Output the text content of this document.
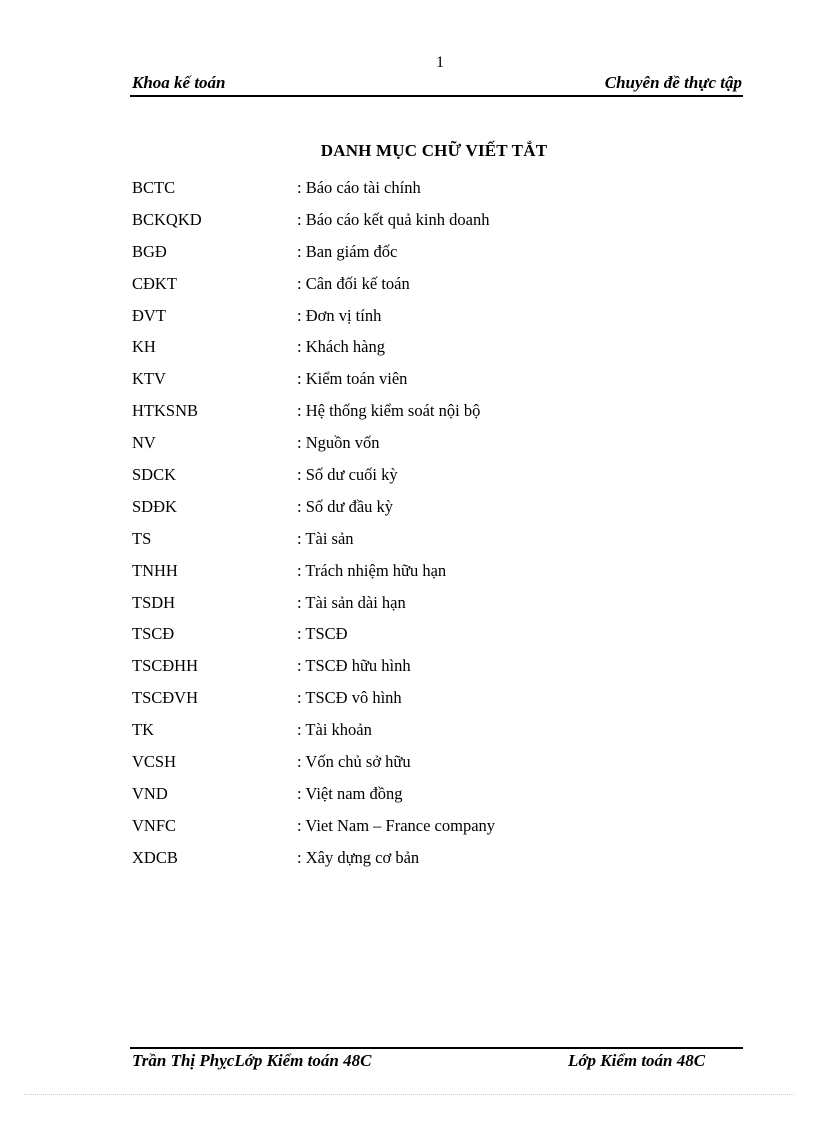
1
Khoa kế toán	Chuyên đề thực tập
DANH MỤC CHỮ VIẾT TẮT
BCTC	: Báo cáo tài chính
BCKQKD	: Báo cáo kết quả kinh doanh
BGĐ	: Ban giám đốc
CĐKT	: Cân đối kế toán
ĐVT	: Đơn vị tính
KH	: Khách hàng
KTV	: Kiểm toán viên
HTKSNB	: Hệ thống kiểm soát nội bộ
NV	: Nguồn vốn
SDCK	: Số dư cuối kỳ
SDĐK	: Số dư đầu kỳ
TS	: Tài sản
TNHH	: Trách nhiệm hữu hạn
TSDH	: Tài sản dài hạn
TSCĐ	: TSCĐ
TSCĐHH	: TSCĐ hữu hình
TSCĐVH	: TSCĐ vô hình
TK	: Tài khoản
VCSH	: Vốn chủ sở hữu
VND	: Việt nam đồng
VNFC	: Viet Nam – France company
XDCB	: Xây dựng cơ bản
Trần Thị PhỵcLớp Kiểm toán 48C	Lớp Kiểm toán 48C
